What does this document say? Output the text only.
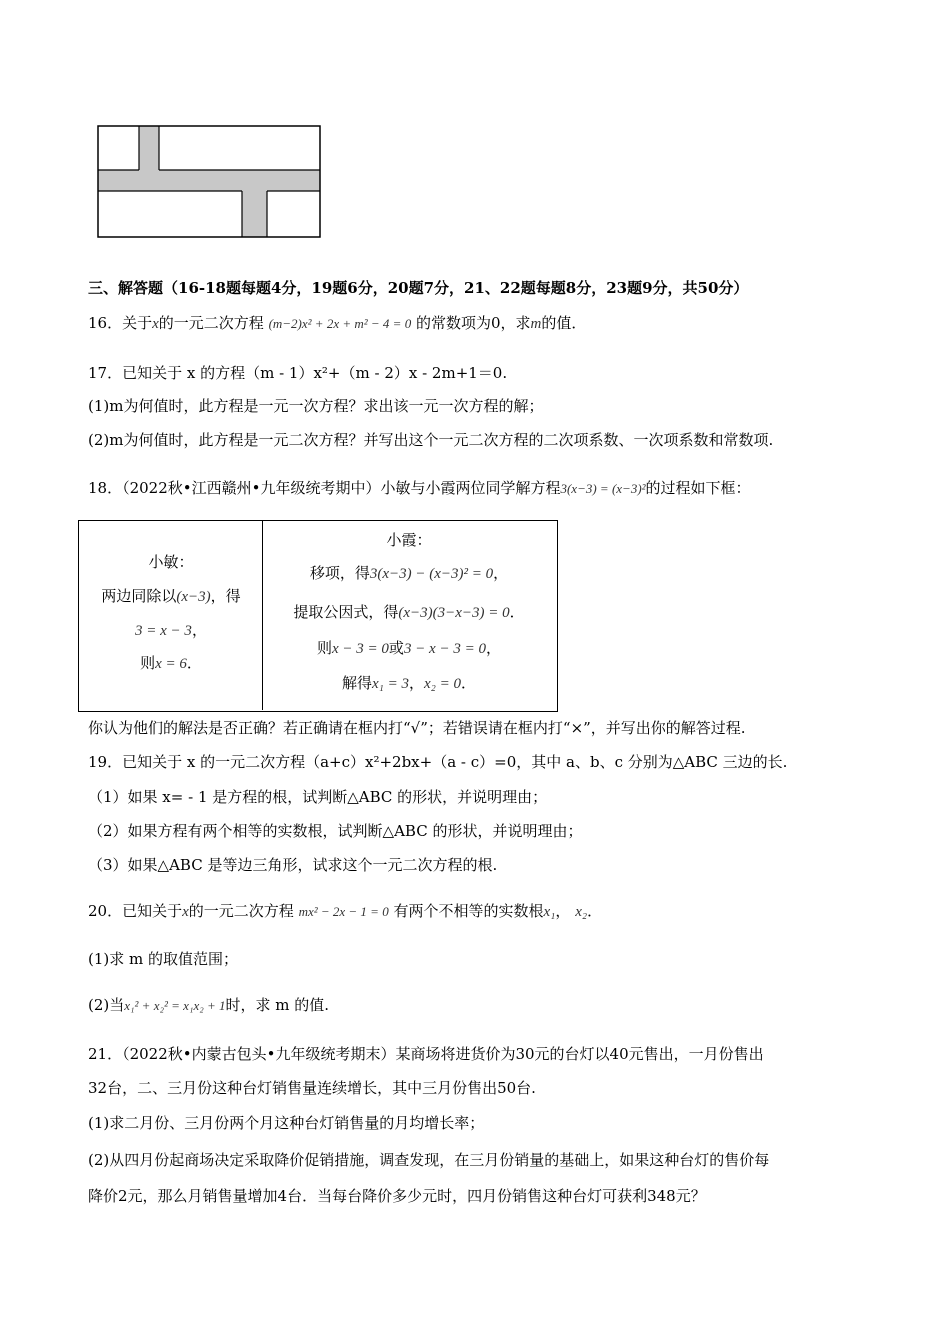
三、解答题（16-18题每题4分，19题6分，20题7分，21、22题每题8分，23题9分，共50分）
16．关于x的一元二次方程 (m−2)x² + 2x + m² − 4 = 0 的常数项为0，求m的值．
17．已知关于 x 的方程（m - 1）x²+（m - 2）x - 2m+1＝0.
(1)m为何值时，此方程是一元一次方程？求出该一元一次方程的解；
(2)m为何值时，此方程是一元二次方程？并写出这个一元二次方程的二次项系数、一次项系数和常数项.
18．（2022秋•江西赣州•九年级统考期中）小敏与小霞两位同学解方程3(x−3) = (x−3)²的过程如下框：
小敏：
两边同除以(x−3)，得
3 = x − 3，
则x = 6．
小霞：
移项，得3(x−3) − (x−3)² = 0，
提取公因式，得(x−3)(3−x−3) = 0．
则x − 3 = 0或3 − x − 3 = 0，
解得x₁ = 3，x₂ = 0．
你认为他们的解法是否正确？若正确请在框内打“√”；若错误请在框内打“×”，并写出你的解答过程.
19．已知关于 x 的一元二次方程（a+c）x²+2bx+（a - c）=0，其中 a、b、c 分别为△ABC 三边的长.
（1）如果 x= - 1 是方程的根，试判断△ABC 的形状，并说明理由；
（2）如果方程有两个相等的实数根，试判断△ABC 的形状，并说明理由；
（3）如果△ABC 是等边三角形，试求这个一元二次方程的根.
20．已知关于x的一元二次方程 mx² − 2x − 1 = 0 有两个不相等的实数根x₁， x₂．
(1)求 m 的取值范围；
(2)当x₁² + x₂² = x₁x₂ + 1时，求 m 的值.
21．（2022秋•内蒙古包头•九年级统考期末）某商场将进货价为30元的台灯以40元售出，一月份售出
32台，二、三月份这种台灯销售量连续增长，其中三月份售出50台.
(1)求二月份、三月份两个月这种台灯销售量的月均增长率；
(2)从四月份起商场决定采取降价促销措施，调查发现，在三月份销量的基础上，如果这种台灯的售价每
降价2元，那么月销售量增加4台．当每台降价多少元时，四月份销售这种台灯可获利348元？
